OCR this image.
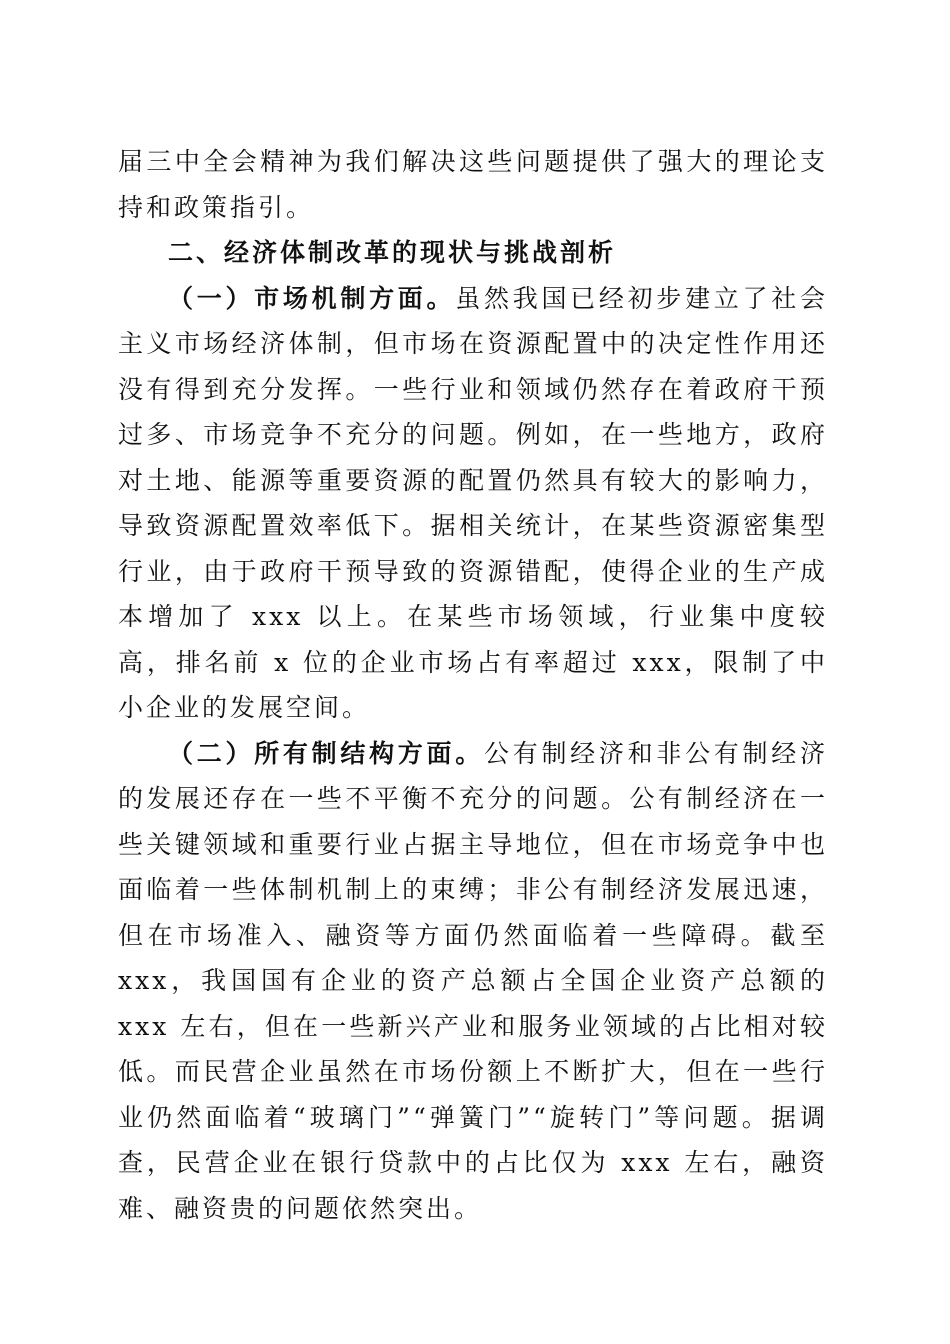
届三中全会精神为我们解决这些问题提供了强大的理论支持和政策指引。

二、经济体制改革的现状与挑战剖析

（一）市场机制方面。虽然我国已经初步建立了社会主义市场经济体制，但市场在资源配置中的决定性作用还没有得到充分发挥。一些行业和领域仍然存在着政府干预过多、市场竞争不充分的问题。例如，在一些地方，政府对土地、能源等重要资源的配置仍然具有较大的影响力，导致资源配置效率低下。据相关统计，在某些资源密集型行业，由于政府干预导致的资源错配，使得企业的生产成本增加了 xxx 以上。在某些市场领域，行业集中度较高，排名前 x 位的企业市场占有率超过 xxx，限制了中小企业的发展空间。

（二）所有制结构方面。公有制经济和非公有制经济的发展还存在一些不平衡不充分的问题。公有制经济在一些关键领域和重要行业占据主导地位，但在市场竞争中也面临着一些体制机制上的束缚；非公有制经济发展迅速，但在市场准入、融资等方面仍然面临着一些障碍。截至 xxx，我国国有企业的资产总额占全国企业资产总额的 xxx 左右，但在一些新兴产业和服务业领域的占比相对较低。而民营企业虽然在市场份额上不断扩大，但在一些行业仍然面临着“玻璃门”“弹簧门”“旋转门”等问题。据调查，民营企业在银行贷款中的占比仅为 xxx 左右，融资难、融资贵的问题依然突出。
